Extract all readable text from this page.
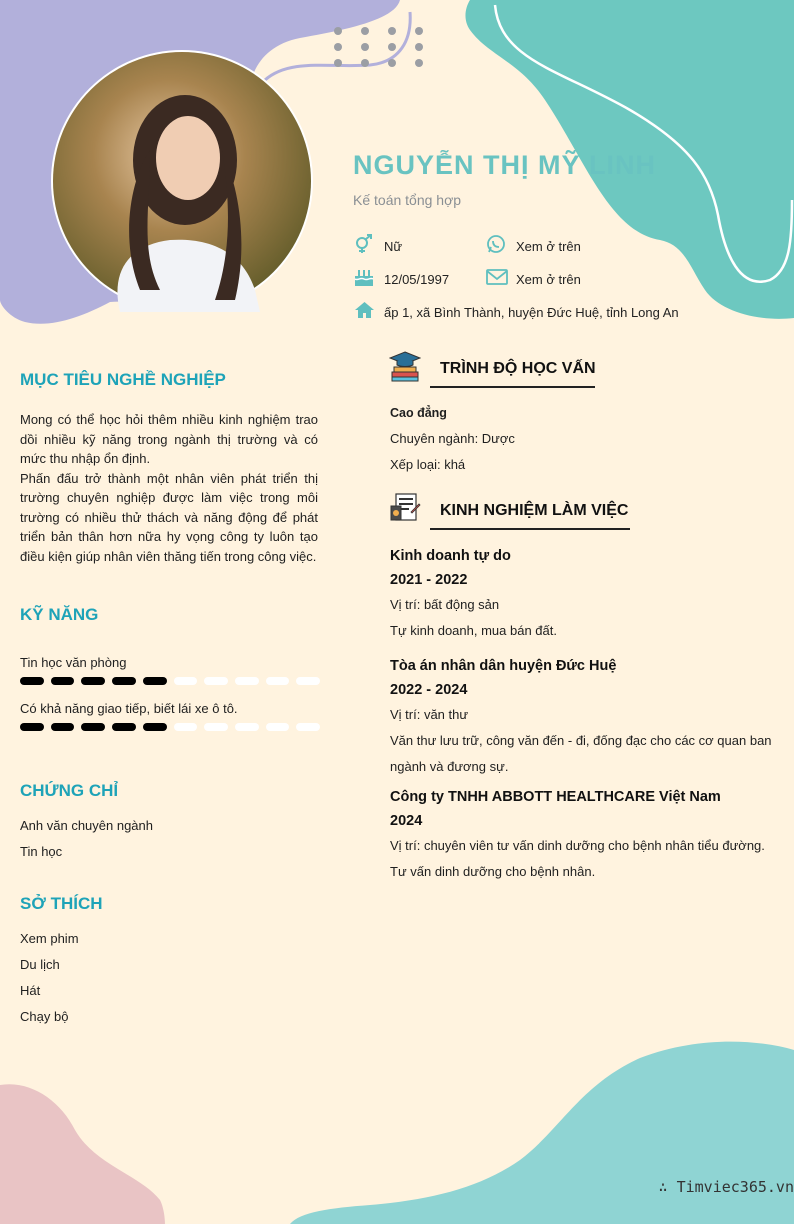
NGUYỄN THỊ MỸ LINH
Kế toán tổng hợp
Nữ	Xem ở trên
12/05/1997	Xem ở trên
ấp 1, xã Bình Thành, huyện Đức Huệ, tỉnh Long An
MỤC TIÊU NGHỀ NGHIỆP
Mong có thể học hỏi thêm nhiều kinh nghiệm trao dồi nhiều kỹ năng trong ngành thị trường và có mức thu nhập ổn định.
Phấn đấu trở thành một nhân viên phát triển thị trường chuyên nghiệp được làm việc trong môi trường có nhiều thử thách và năng động để phát triển bản thân hơn nữa hy vọng công ty luôn tạo điều kiện giúp nhân viên thăng tiến trong công việc.
KỸ NĂNG
Tin học văn phòng
Có khả năng giao tiếp, biết lái xe ô tô.
CHỨNG CHỈ
Anh văn chuyên ngành
Tin học
SỞ THÍCH
Xem phim
Du lịch
Hát
Chạy bộ
TRÌNH ĐỘ HỌC VẤN
Cao đẳng
Chuyên ngành: Dược
Xếp loại: khá
KINH NGHIỆM LÀM VIỆC
Kinh doanh tự do
2021 - 2022
Vị trí: bất động sản
Tự kinh doanh, mua bán đất.
Tòa án nhân dân huyện Đức Huệ
2022 - 2024
Vị trí: văn thư
Văn thư lưu trữ, công văn đến - đi, đống đạc cho các cơ quan ban
ngành và đương sự.
Công ty TNHH ABBOTT HEALTHCARE Việt Nam
2024
Vị trí: chuyên viên tư vấn dinh dưỡng cho bệnh nhân tiểu đường.
Tư vấn dinh dưỡng cho bệnh nhân.
∴ Timviec365.vn
